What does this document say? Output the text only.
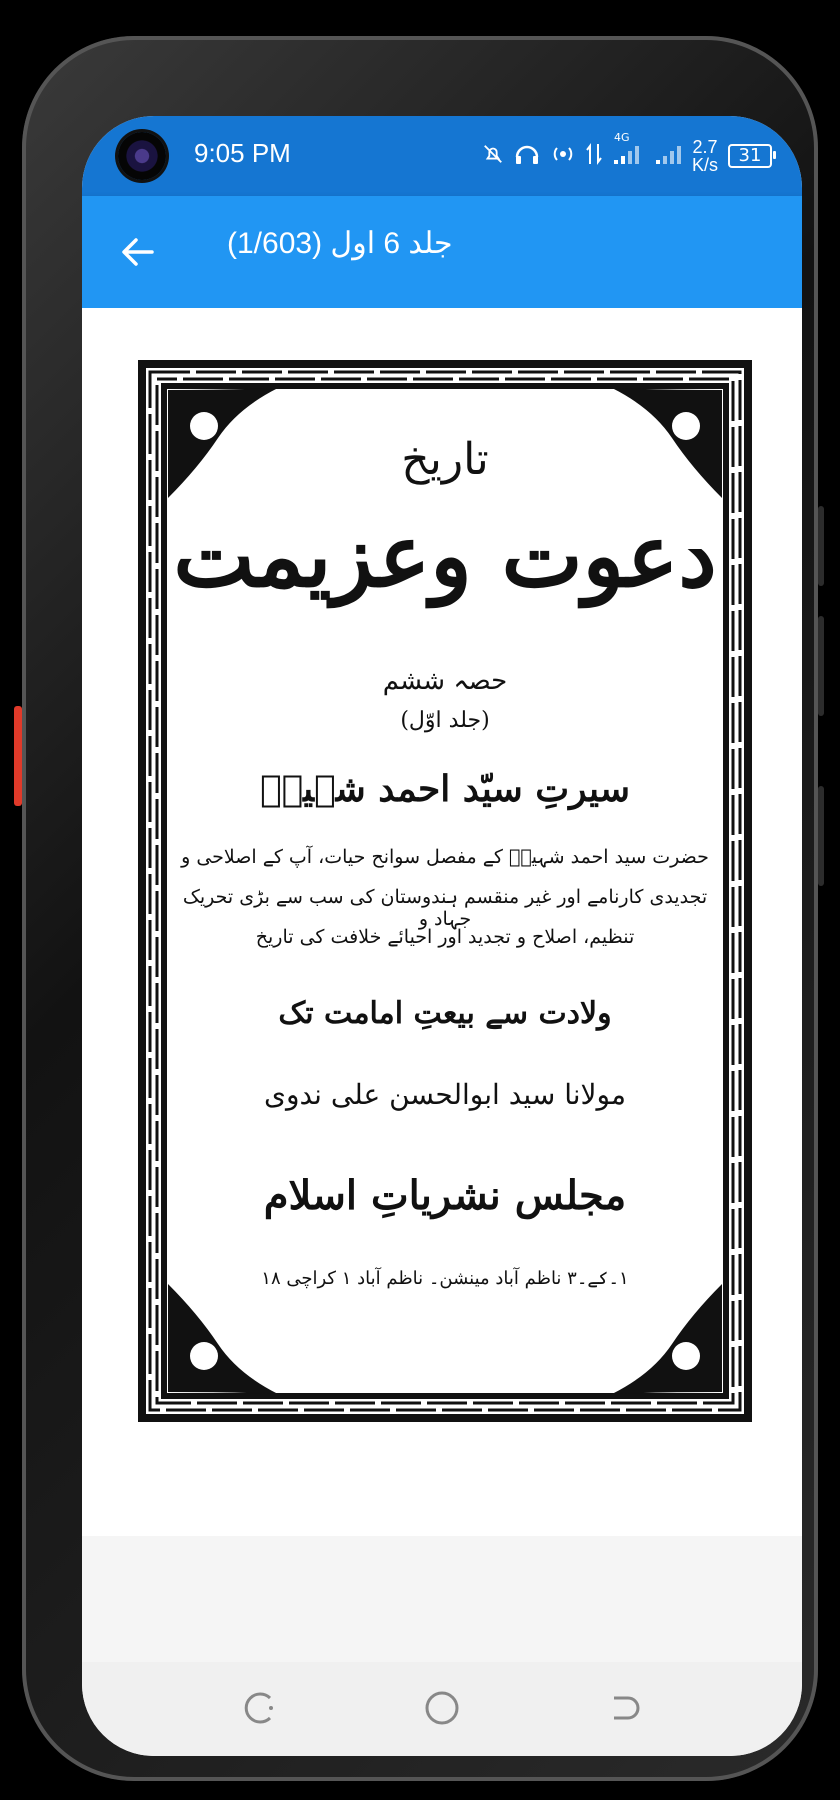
9:05 PM
4G	2.7
K/s 31
جلد 6 اول (1/603)
تاریخ
دعوت وعزیمت
حصہ ششم
(جلد اوّل)
سیرتِ سیّد احمد شہیدؒ
حضرت سید احمد شہیدؒ کے مفصل سوانح حیات، آپ کے اصلاحی و
تجدیدی کارنامے اور غیر منقسم ہندوستان کی سب سے بڑی تحریک جہاد و
تنظیم، اصلاح و تجدید اور احیائے خلافت کی تاریخ
ولادت سے بیعتِ امامت تک
مولانا سید ابوالحسن علی ندوی
مجلس نشریاتِ اسلام
۱۔کے۔۳ ناظم آباد مینشن۔ ناظم آباد ۱ کراچی ۱۸
